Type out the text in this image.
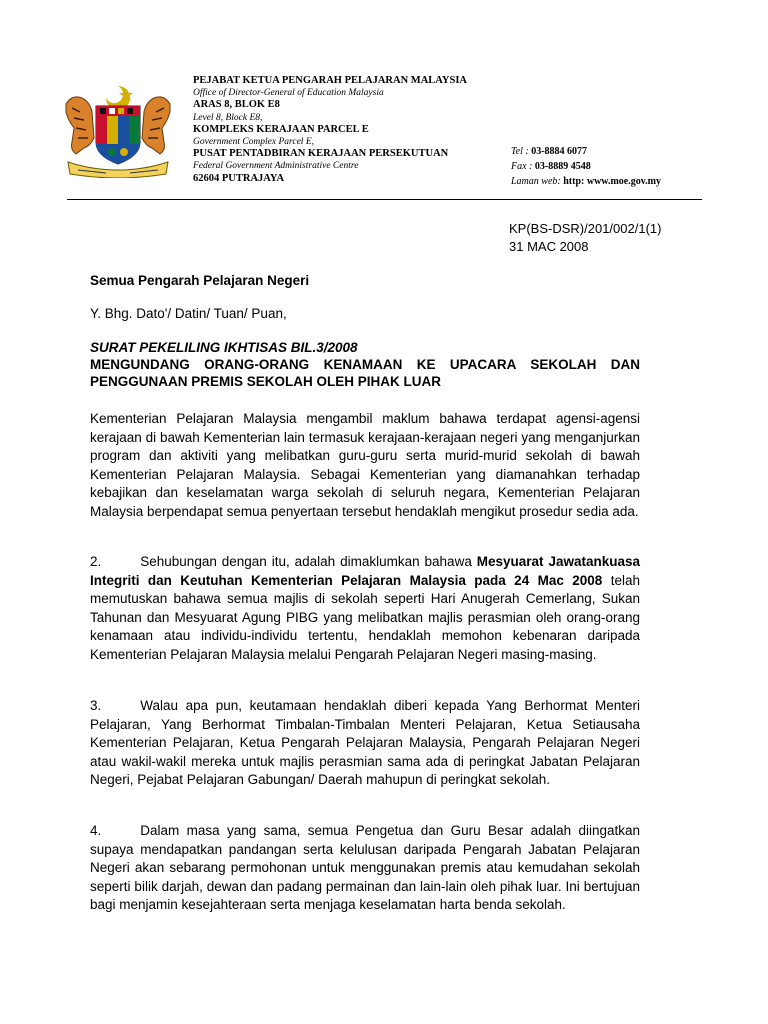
PEJABAT KETUA PENGARAH PELAJARAN MALAYSIA
Office of Director-General of Education Malaysia
ARAS 8, BLOK E8
Level 8, Block E8,
KOMPLEKS KERAJAAN PARCEL E
Government Complex Parcel E,
PUSAT PENTADBIRAN KERAJAAN PERSEKUTUAN
Federal Government Administrative Centre
62604 PUTRAJAYA
Tel : 03-8884 6077
Fax : 03-8889 4548
Laman web: http: www.moe.gov.my
KP(BS-DSR)/201/002/1(1)
31 MAC 2008
Semua Pengarah Pelajaran Negeri
Y. Bhg. Dato'/ Datin/ Tuan/ Puan,
SURAT PEKELILING IKHTISAS BIL.3/2008
MENGUNDANG ORANG-ORANG KENAMAAN KE UPACARA SEKOLAH DAN PENGGUNAAN PREMIS SEKOLAH OLEH PIHAK LUAR
Kementerian Pelajaran Malaysia mengambil maklum bahawa terdapat agensi-agensi kerajaan di bawah Kementerian lain termasuk kerajaan-kerajaan negeri yang menganjurkan program dan aktiviti yang melibatkan guru-guru serta murid-murid sekolah di bawah Kementerian Pelajaran Malaysia. Sebagai Kementerian yang diamanahkan terhadap kebajikan dan keselamatan warga sekolah di seluruh negara, Kementerian Pelajaran Malaysia berpendapat semua penyertaan tersebut hendaklah mengikut prosedur sedia ada.
2.	Sehubungan dengan itu, adalah dimaklumkan bahawa Mesyuarat Jawatankuasa Integriti dan Keutuhan Kementerian Pelajaran Malaysia pada 24 Mac 2008 telah memutuskan bahawa semua majlis di sekolah seperti Hari Anugerah Cemerlang, Sukan Tahunan dan Mesyuarat Agung PIBG yang melibatkan majlis perasmian oleh orang-orang kenamaan atau individu-individu tertentu, hendaklah memohon kebenaran daripada Kementerian Pelajaran Malaysia melalui Pengarah Pelajaran Negeri masing-masing.
3.	Walau apa pun, keutamaan hendaklah diberi kepada Yang Berhormat Menteri Pelajaran, Yang Berhormat Timbalan-Timbalan Menteri Pelajaran, Ketua Setiausaha Kementerian Pelajaran, Ketua Pengarah Pelajaran Malaysia, Pengarah Pelajaran Negeri atau wakil-wakil mereka untuk majlis perasmian sama ada di peringkat Jabatan Pelajaran Negeri, Pejabat Pelajaran Gabungan/ Daerah mahupun di peringkat sekolah.
4.	Dalam masa yang sama, semua Pengetua dan Guru Besar adalah diingatkan supaya mendapatkan pandangan serta kelulusan daripada Pengarah Jabatan Pelajaran Negeri akan sebarang permohonan untuk menggunakan premis atau kemudahan sekolah seperti bilik darjah, dewan dan padang permainan dan lain-lain oleh pihak luar. Ini bertujuan bagi menjamin kesejahteraan serta menjaga keselamatan harta benda sekolah.
